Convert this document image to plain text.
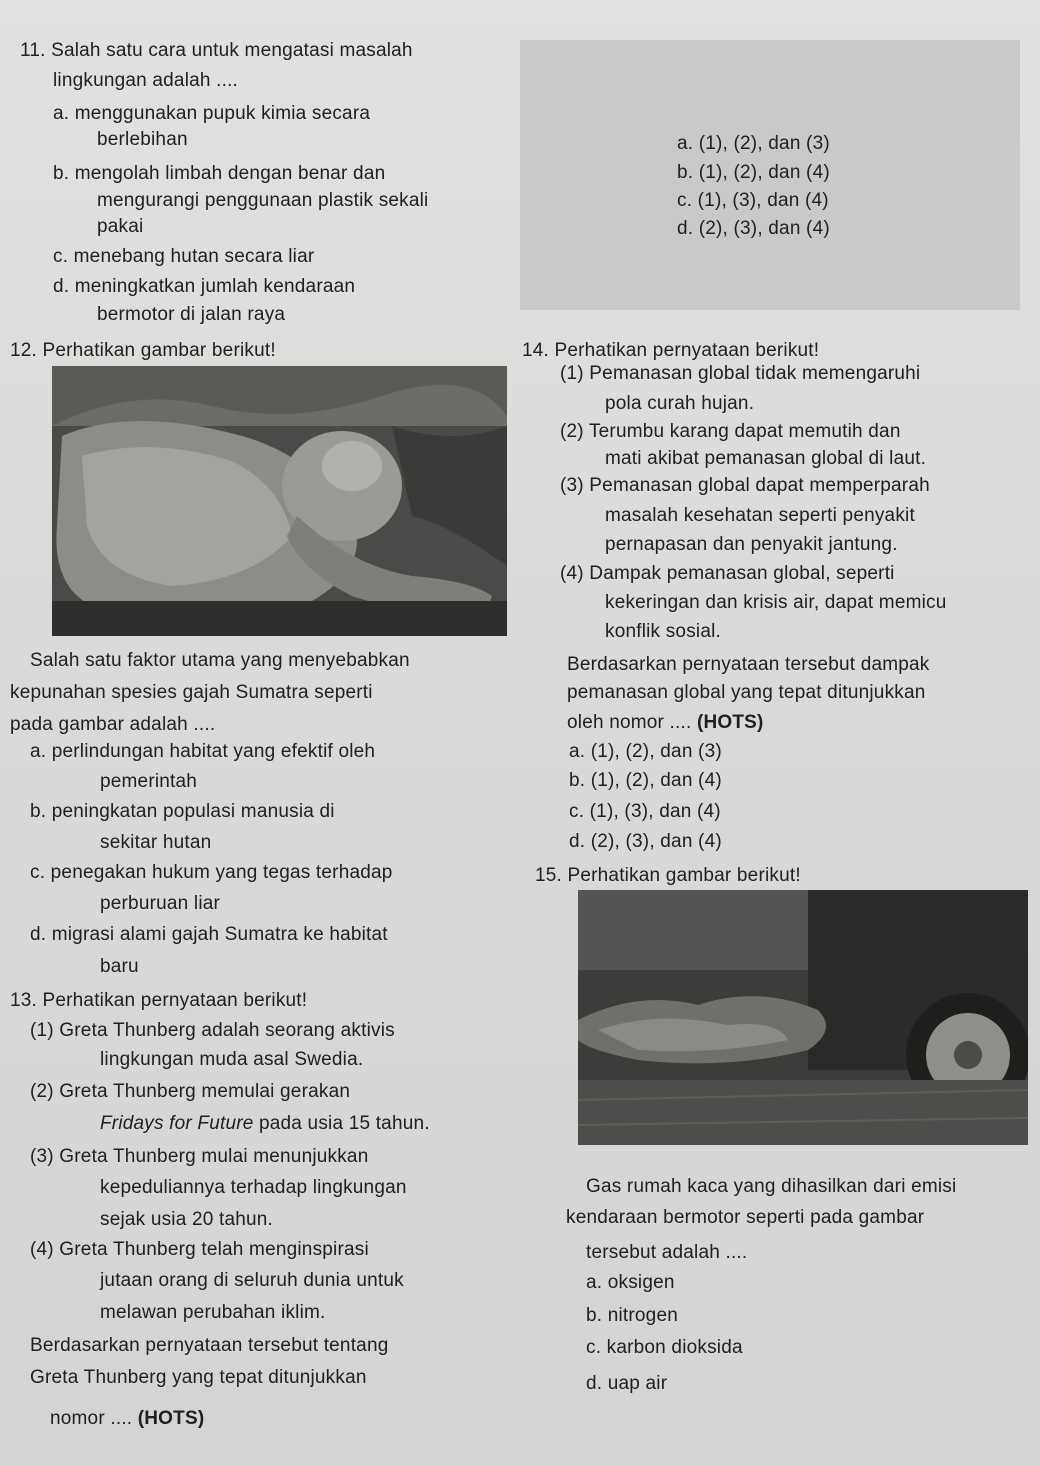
11. Salah satu cara untuk mengatasi masalah
lingkungan adalah ....
a. menggunakan pupuk kimia secara
berlebihan
b. mengolah limbah dengan benar dan
mengurangi penggunaan plastik sekali
pakai
c. menebang hutan secara liar
d. meningkatkan jumlah kendaraan
bermotor di jalan raya
a. (1), (2), dan (3)
b. (1), (2), dan (4)
c. (1), (3), dan (4)
d. (2), (3), dan (4)
12. Perhatikan gambar berikut!
Salah satu faktor utama yang menyebabkan
kepunahan spesies gajah Sumatra seperti
pada gambar adalah ....
a. perlindungan habitat yang efektif oleh
pemerintah
b. peningkatan populasi manusia di
sekitar hutan
c. penegakan hukum yang tegas terhadap
perburuan liar
d. migrasi alami gajah Sumatra ke habitat
baru
13. Perhatikan pernyataan berikut!
(1) Greta Thunberg adalah seorang aktivis
lingkungan muda asal Swedia.
(2) Greta Thunberg memulai gerakan
Fridays for Future pada usia 15 tahun.
(3) Greta Thunberg mulai menunjukkan
kepeduliannya terhadap lingkungan
sejak usia 20 tahun.
(4) Greta Thunberg telah menginspirasi
jutaan orang di seluruh dunia untuk
melawan perubahan iklim.
Berdasarkan pernyataan tersebut tentang
Greta Thunberg yang tepat ditunjukkan
nomor .... (HOTS)
14. Perhatikan pernyataan berikut!
(1) Pemanasan global tidak memengaruhi
pola curah hujan.
(2) Terumbu karang dapat memutih dan
mati akibat pemanasan global di laut.
(3) Pemanasan global dapat memperparah
masalah kesehatan seperti penyakit
pernapasan dan penyakit jantung.
(4) Dampak pemanasan global, seperti
kekeringan dan krisis air, dapat memicu
konflik sosial.
Berdasarkan pernyataan tersebut dampak
pemanasan global yang tepat ditunjukkan
oleh nomor .... (HOTS)
a. (1), (2), dan (3)
b. (1), (2), dan (4)
c. (1), (3), dan (4)
d. (2), (3), dan (4)
15. Perhatikan gambar berikut!
Gas rumah kaca yang dihasilkan dari emisi
kendaraan bermotor seperti pada gambar
tersebut adalah ....
a. oksigen
b. nitrogen
c. karbon dioksida
d. uap air
